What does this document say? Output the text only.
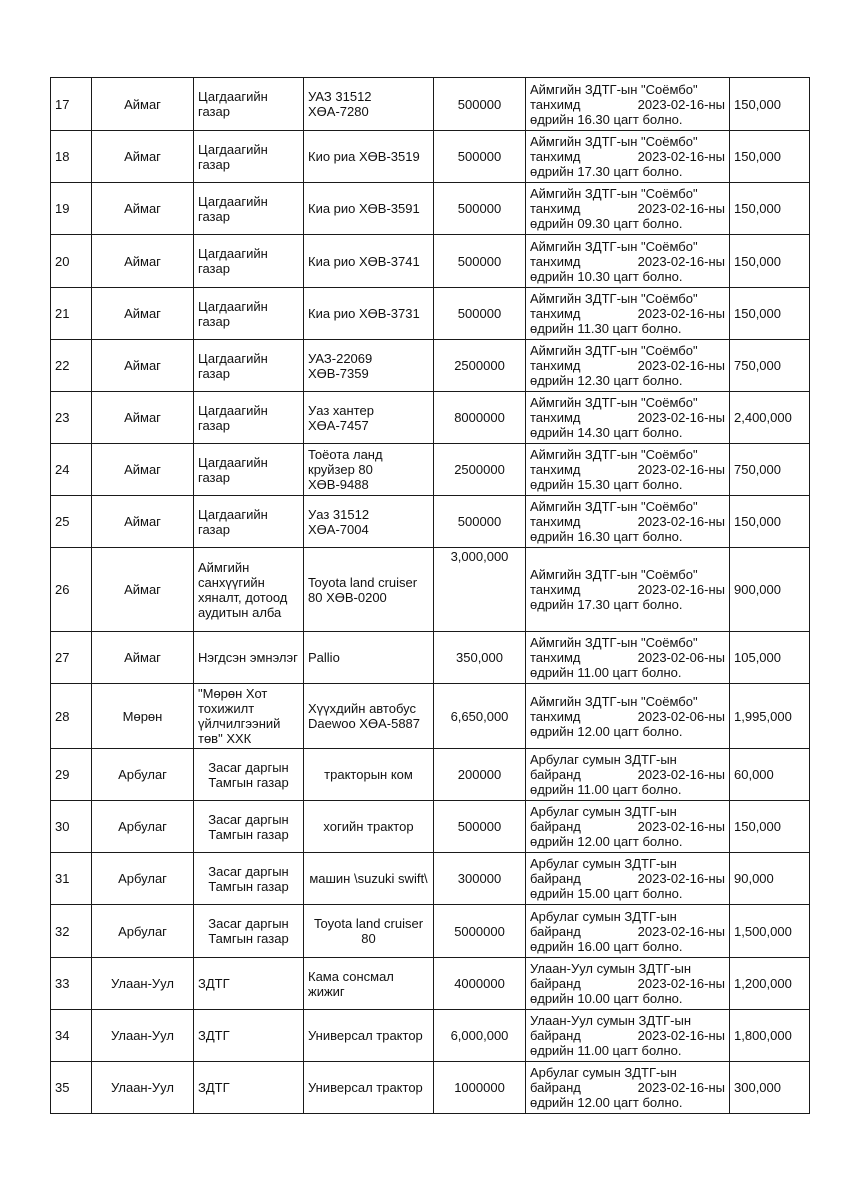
17	Аймаг	Цагдаагийн газар	УАЗ 31512 ХӨА-7280	500000	Аймгийн ЗДТГ-ын "Соёмбо"
танхимд 2023-02-16-ны
өдрийн 16.30 цагт болно.	150,000
18	Аймаг	Цагдаагийн газар	Кио риа ХӨВ-3519	500000	Аймгийн ЗДТГ-ын "Соёмбо"
танхимд 2023-02-16-ны
өдрийн 17.30 цагт болно.	150,000
19	Аймаг	Цагдаагийн газар	Киа рио ХӨВ-3591	500000	Аймгийн ЗДТГ-ын "Соёмбо"
танхимд 2023-02-16-ны
өдрийн 09.30 цагт болно.	150,000
20	Аймаг	Цагдаагийн газар	Киа рио ХӨВ-3741	500000	Аймгийн ЗДТГ-ын "Соёмбо"
танхимд 2023-02-16-ны
өдрийн 10.30 цагт болно.	150,000
21	Аймаг	Цагдаагийн газар	Киа рио ХӨВ-3731	500000	Аймгийн ЗДТГ-ын "Соёмбо"
танхимд 2023-02-16-ны
өдрийн 11.30 цагт болно.	150,000
22	Аймаг	Цагдаагийн газар	УАЗ-22069 ХӨВ-7359	2500000	Аймгийн ЗДТГ-ын "Соёмбо"
танхимд 2023-02-16-ны
өдрийн 12.30 цагт болно.	750,000
23	Аймаг	Цагдаагийн газар	Уаз хантер ХӨА-7457	8000000	Аймгийн ЗДТГ-ын "Соёмбо"
танхимд 2023-02-16-ны
өдрийн 14.30 цагт болно.	2,400,000
24	Аймаг	Цагдаагийн газар	Тоёота ланд круйзер 80 ХӨВ-9488	2500000	Аймгийн ЗДТГ-ын "Соёмбо"
танхимд 2023-02-16-ны
өдрийн 15.30 цагт болно.	750,000
25	Аймаг	Цагдаагийн газар	Уаз 31512 ХӨА-7004	500000	Аймгийн ЗДТГ-ын "Соёмбо"
танхимд 2023-02-16-ны
өдрийн 16.30 цагт болно.	150,000
26	Аймаг	Аймгийн санхүүгийн хяналт, дотоод аудитын алба	Toyota land cruiser 80 ХӨВ-0200	3,000,000	Аймгийн ЗДТГ-ын "Соёмбо"
танхимд 2023-02-16-ны
өдрийн 17.30 цагт болно.	900,000
27	Аймаг	Нэгдсэн эмнэлэг	Pallio	350,000	Аймгийн ЗДТГ-ын "Соёмбо"
танхимд 2023-02-06-ны
өдрийн 11.00 цагт болно.	105,000
28	Мөрөн	"Мөрөн Хот тохижилт үйлчилгээний төв" ХХК	Хүүхдийн автобус Daewoo ХӨА-5887	6,650,000	Аймгийн ЗДТГ-ын "Соёмбо"
танхимд 2023-02-06-ны
өдрийн 12.00 цагт болно.	1,995,000
29	Арбулаг	Засаг даргын Тамгын газар	тракторын ком	200000	Арбулаг сумын ЗДТГ-ын
байранд 2023-02-16-ны
өдрийн 11.00 цагт болно.	60,000
30	Арбулаг	Засаг даргын Тамгын газар	хогийн трактор	500000	Арбулаг сумын ЗДТГ-ын
байранд 2023-02-16-ны
өдрийн 12.00 цагт болно.	150,000
31	Арбулаг	Засаг даргын Тамгын газар	машин \suzuki swift\	300000	Арбулаг сумын ЗДТГ-ын
байранд 2023-02-16-ны
өдрийн 15.00 цагт болно.	90,000
32	Арбулаг	Засаг даргын Тамгын газар	Toyota land cruiser 80	5000000	Арбулаг сумын ЗДТГ-ын
байранд 2023-02-16-ны
өдрийн 16.00 цагт болно.	1,500,000
33	Улаан-Уул	ЗДТГ	Кама сонсмал жижиг	4000000	Улаан-Уул сумын ЗДТГ-ын
байранд 2023-02-16-ны
өдрийн 10.00 цагт болно.	1,200,000
34	Улаан-Уул	ЗДТГ	Универсал трактор	6,000,000	Улаан-Уул сумын ЗДТГ-ын
байранд 2023-02-16-ны
өдрийн 11.00 цагт болно.	1,800,000
35	Улаан-Уул	ЗДТГ	Универсал трактор	1000000	Арбулаг сумын ЗДТГ-ын
байранд 2023-02-16-ны
өдрийн 12.00 цагт болно.	300,000
